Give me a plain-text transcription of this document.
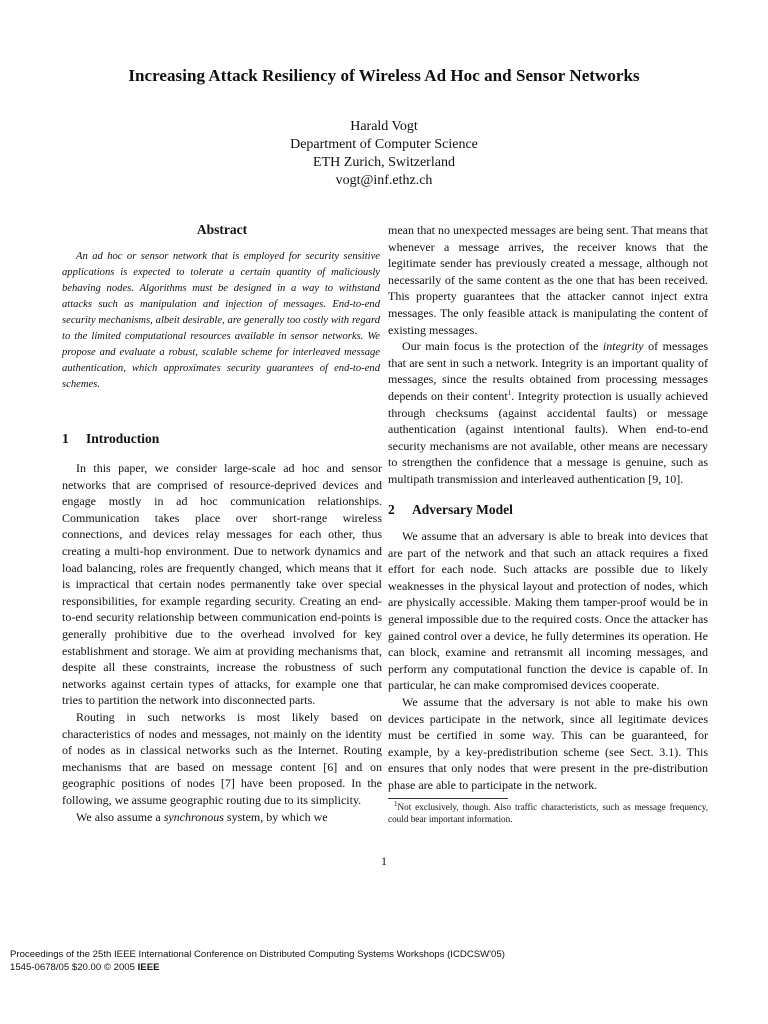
Increasing Attack Resiliency of Wireless Ad Hoc and Sensor Networks
Harald Vogt
Department of Computer Science
ETH Zurich, Switzerland
vogt@inf.ethz.ch
Abstract

An ad hoc or sensor network that is employed for security sensitive applications is expected to tolerate a certain quantity of maliciously behaving nodes. Algorithms must be designed in a way to withstand attacks such as manipulation and injection of messages. End-to-end security mechanisms, albeit desirable, are generally too costly with regard to the limited computational resources available in sensor networks. We propose and evaluate a robust, scalable scheme for interleaved message authentication, which approximates security guarantees of end-to-end schemes.

1 Introduction

In this paper, we consider large-scale ad hoc and sensor networks that are comprised of resource-deprived devices and engage mostly in ad hoc communication relationships. Communication takes place over short-range wireless connections, and devices relay messages for each other, thus creating a multi-hop environment. Due to network dynamics and load balancing, roles are frequently changed, which means that it is impractical that certain nodes permanently take over special responsibilities, for example regarding security. Creating an end-to-end security relationship between communication end-points is generally prohibitive due to the overhead involved for key establishment and storage. We aim at providing mechanisms that, despite all these constraints, increase the robustness of such networks against certain types of attacks, for example one that tries to partition the network into disconnected parts.

Routing in such networks is most likely based on characteristics of nodes and messages, not mainly on the identity of nodes as in classical networks such as the Internet. Routing mechanisms that are based on message content [6] and on geographic positions of nodes [7] have been proposed. In the following, we assume geographic routing due to its simplicity.

We also assume a synchronous system, by which we

mean that no unexpected messages are being sent. That means that whenever a message arrives, the receiver knows that the legitimate sender has previously created a message, although not necessarily of the same content as the one that has been received. This property guarantees that the attacker cannot inject extra messages. The only feasible attack is manipulating the content of existing messages.

Our main focus is the protection of the integrity of messages that are sent in such a network. Integrity is an important quality of messages, since the results obtained from processing messages depends on their content$^1$. Integrity protection is usually achieved through checksums (against accidental faults) or message authentication (against intentional faults). When end-to-end security mechanisms are not available, other means are necessary to strengthen the confidence that a message is genuine, such as multipath transmission and interleaved authentication [9, 10].

2 Adversary Model

We assume that an adversary is able to break into devices that are part of the network and that such an attack requires a fixed effort for each node. Such attacks are possible due to likely weaknesses in the physical layout and protection of nodes, which are physically accessible. Making them tamper-proof would be in general impossible due to the required costs. Once the attacker has gained control over a device, he fully determines its operation. He can block, examine and retransmit all incoming messages, and perform any computational function the device is capable of. In particular, he can make compromised devices cooperate.

We assume that the adversary is not able to make his own devices participate in the network, since all legitimate devices must be certified in some way. This can be guaranteed, for example, by a key-predistribution scheme (see Sect. 3.1). This ensures that only nodes that were present in the pre-distribution phase are able to participate in the network.

$^1$Not exclusively, though. Also traffic characteristicts, such as message frequency, could bear important information.

1
Proceedings of the 25th IEEE International Conference on Distributed Computing Systems Workshops (ICDCSW'05)
1545-0678/05 $20.00 © 2005 IEEE
